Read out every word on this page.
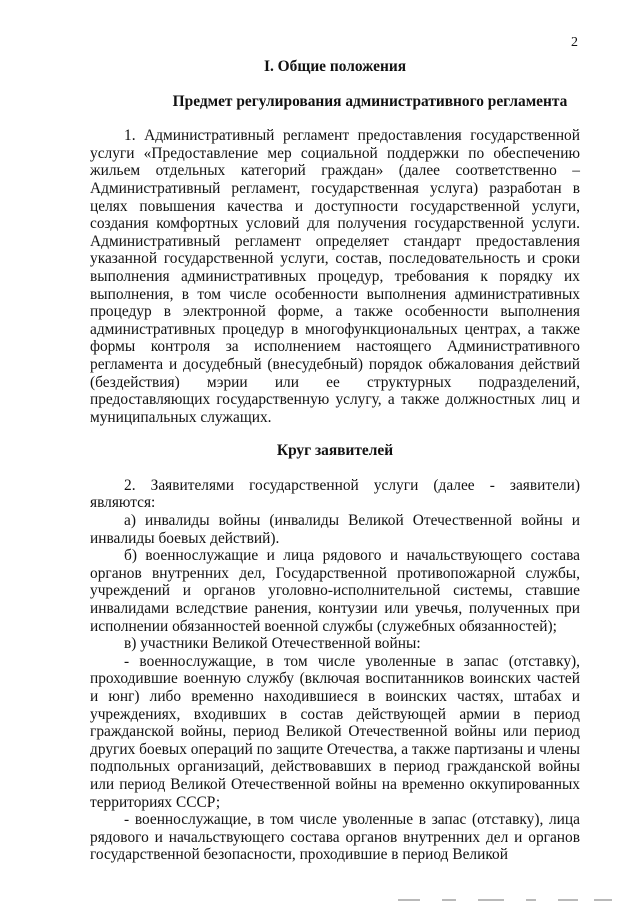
2
I. Общие положения
Предмет регулирования административного регламента

1. Административный регламент предоставления государственной услуги «Предоставление мер социальной поддержки по обеспечению жильем отдельных категорий граждан» (далее соответственно – Административный регламент, государственная услуга) разработан в целях повышения качества и доступности государственной услуги, создания комфортных условий для получения государственной услуги. Административный регламент определяет стандарт предоставления указанной государственной услуги, состав, последовательность и сроки выполнения административных процедур, требования к порядку их выполнения, в том числе особенности выполнения административных процедур в электронной форме, а также особенности выполнения административных процедур в многофункциональных центрах, а также формы контроля за исполнением настоящего Административного регламента и досудебный (внесудебный) порядок обжалования действий (бездействия) мэрии или ее структурных подразделений, предоставляющих государственную услугу, а также должностных лиц и муниципальных служащих.

Круг заявителей

2. Заявителями государственной услуги (далее - заявители) являются:

а) инвалиды войны (инвалиды Великой Отечественной войны и инвалиды боевых действий).

б) военнослужащие и лица рядового и начальствующего состава органов внутренних дел, Государственной противопожарной службы, учреждений и органов уголовно-исполнительной системы, ставшие инвалидами вследствие ранения, контузии или увечья, полученных при исполнении обязанностей военной службы (служебных обязанностей);

в) участники Великой Отечественной войны:

- военнослужащие, в том числе уволенные в запас (отставку), проходившие военную службу (включая воспитанников воинских частей и юнг) либо временно находившиеся в воинских частях, штабах и учреждениях, входивших в состав действующей армии в период гражданской войны, период Великой Отечественной войны или период других боевых операций по защите Отечества, а также партизаны и члены подпольных организаций, действовавших в период гражданской войны или период Великой Отечественной войны на временно оккупированных территориях СССР;

- военнослужащие, в том числе уволенные в запас (отставку), лица рядового и начальствующего состава органов внутренних дел и органов государственной безопасности, проходившие в период Великой
